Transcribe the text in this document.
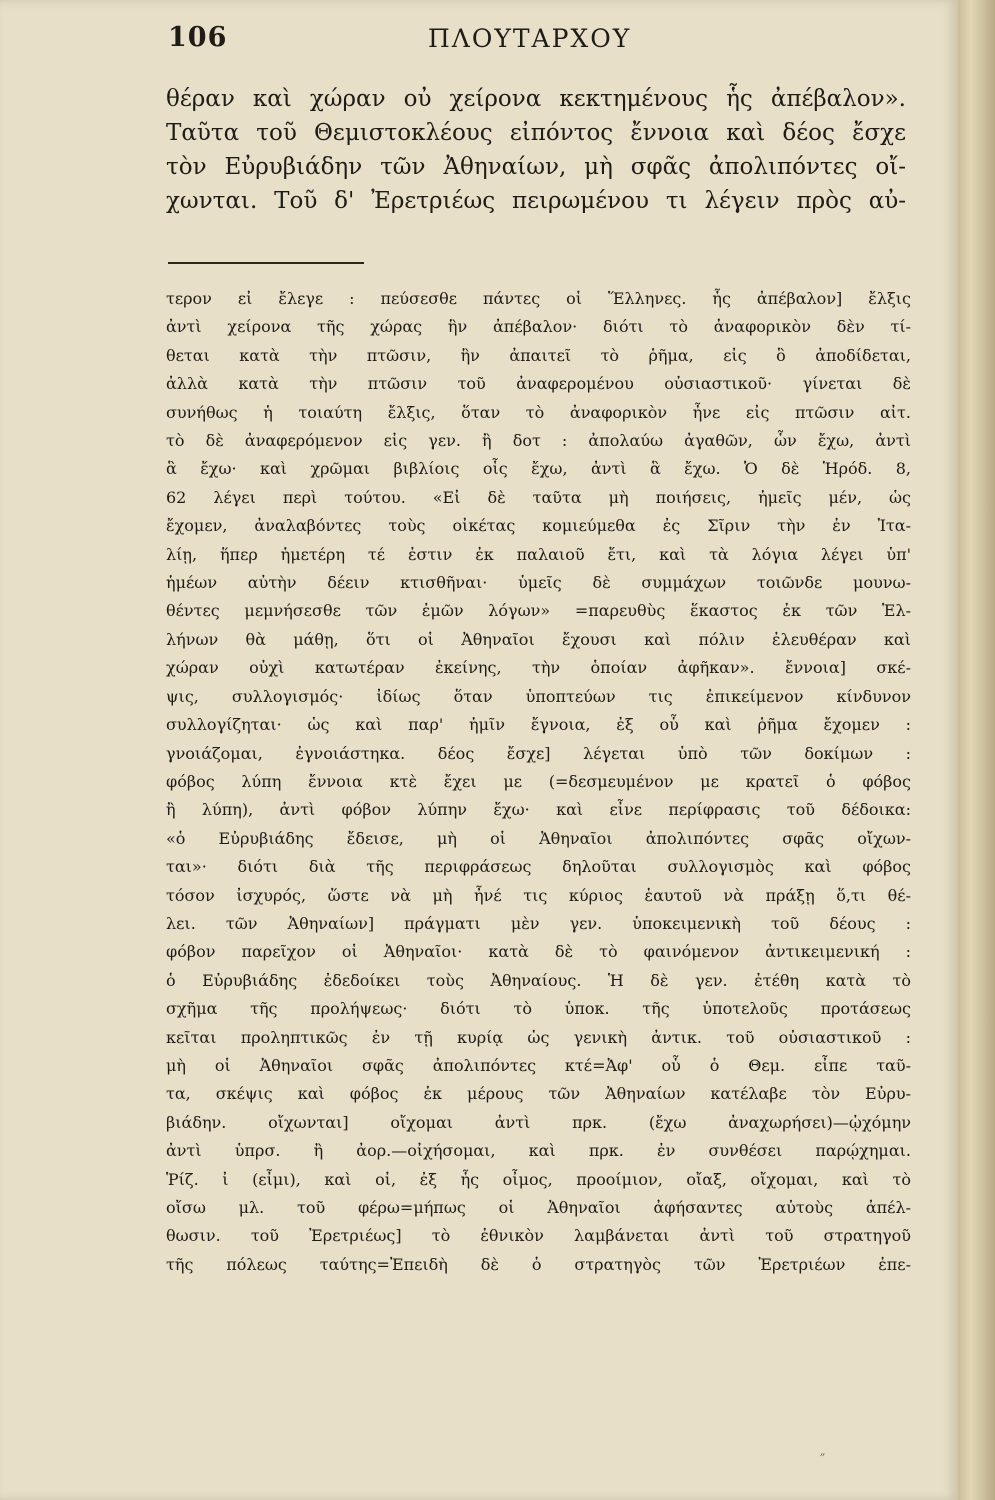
106	ΠΛΟΥΤΑΡΧΟΥ
θέραν καὶ χώραν οὐ χείρονα κεκτημένους ἧς ἀπέβαλον».
Ταῦτα τοῦ Θεμιστοκλέους εἰπόντος ἔννοια καὶ δέος ἔσχε
τὸν Εὐρυβιάδην τῶν Ἀθηναίων, μὴ σφᾶς ἀπολιπόντες οἴ-
χωνται. Τοῦ δ' Ἐρετριέως πειρωμένου τι λέγειν πρὸς αὐ-
τερον εἰ ἔλεγε : πεύσεσθε πάντες οἱ Ἕλληνες. ἧς ἀπέβαλον] ἔλξις
ἀντὶ χείρονα τῆς χώρας ἣν ἀπέβαλον· διότι τὸ ἀναφορικὸν δὲν τί-
θεται κατὰ τὴν πτῶσιν, ἣν ἀπαιτεῖ τὸ ῥῆμα, εἰς ὃ ἀποδίδεται,
ἀλλὰ κατὰ τὴν πτῶσιν τοῦ ἀναφερομένου οὐσιαστικοῦ· γίνεται δὲ
συνήθως ἡ τοιαύτη ἔλξις, ὅταν τὸ ἀναφορικὸν ἦνε εἰς πτῶσιν αἰτ.
τὸ δὲ ἀναφερόμενον εἰς γεν. ἢ δοτ : ἀπολαύω ἀγαθῶν, ὧν ἔχω, ἀντὶ
ἃ ἔχω· καὶ χρῶμαι βιβλίοις οἷς ἔχω, ἀντὶ ἃ ἔχω. Ὁ δὲ Ἡρόδ. 8,
62 λέγει περὶ τούτου. «Εἰ δὲ ταῦτα μὴ ποιήσεις, ἡμεῖς μέν, ὡς
ἔχομεν, ἀναλαβόντες τοὺς οἰκέτας κομιεύμεθα ἐς Σῖριν τὴν ἐν Ἰτα-
λίῃ, ἥπερ ἡμετέρη τέ ἐστιν ἐκ παλαιοῦ ἔτι, καὶ τὰ λόγια λέγει ὑπ'
ἡμέων αὐτὴν δέειν κτισθῆναι· ὑμεῖς δὲ συμμάχων τοιῶνδε μουνω-
θέντες μεμνήσεσθε τῶν ἐμῶν λόγων» =παρευθὺς ἕκαστος ἐκ τῶν Ἑλ-
λήνων θὰ μάθῃ, ὅτι οἱ Ἀθηναῖοι ἔχουσι καὶ πόλιν ἐλευθέραν καὶ
χώραν οὐχὶ κατωτέραν ἐκείνης, τὴν ὁποίαν ἀφῆκαν». ἔννοια] σκέ-
ψις, συλλογισμός· ἰδίως ὅταν ὑποπτεύων τις ἐπικείμενον κίνδυνον
συλλογίζηται· ὡς καὶ παρ' ἡμῖν ἔγνοια, ἐξ οὗ καὶ ῥῆμα ἔχομεν :
γνοιάζομαι, ἐγνοιάστηκα. δέος ἔσχε] λέγεται ὑπὸ τῶν δοκίμων :
φόβος λύπη ἔννοια κτὲ ἔχει με (=δεσμευμένον με κρατεῖ ὁ φόβος
ἢ λύπη), ἀντὶ φόβον λύπην ἔχω· καὶ εἶνε περίφρασις τοῦ δέδοικα:
«ὁ Εὐρυβιάδης ἔδεισε, μὴ οἱ Ἀθηναῖοι ἀπολιπόντες σφᾶς οἴχων-
ται»· διότι διὰ τῆς περιφράσεως δηλοῦται συλλογισμὸς καὶ φόβος
τόσον ἰσχυρός, ὥστε νὰ μὴ ἦνέ τις κύριος ἑαυτοῦ νὰ πράξῃ ὅ,τι θέ-
λει. τῶν Ἀθηναίων] πράγματι μὲν γεν. ὑποκειμενικὴ τοῦ δέους :
φόβον παρεῖχον οἱ Ἀθηναῖοι· κατὰ δὲ τὸ φαινόμενον ἀντικειμενική :
ὁ Εὐρυβιάδης ἐδεδοίκει τοὺς Ἀθηναίους. Ἡ δὲ γεν. ἐτέθη κατὰ τὸ
σχῆμα τῆς προλήψεως· διότι τὸ ὑποκ. τῆς ὑποτελοῦς προτάσεως
κεῖται προληπτικῶς ἐν τῇ κυρίᾳ ὡς γενικὴ ἀντικ. τοῦ οὐσιαστικοῦ :
μὴ οἱ Ἀθηναῖοι σφᾶς ἀπολιπόντες κτέ=Ἀφ' οὗ ὁ Θεμ. εἶπε ταῦ-
τα, σκέψις καὶ φόβος ἐκ μέρους τῶν Ἀθηναίων κατέλαβε τὸν Εὐρυ-
βιάδην. οἴχωνται] οἴχομαι ἀντὶ πρκ. (ἔχω ἀναχωρήσει)—ᾠχόμην
ἀντὶ ὑπρσ. ἢ ἀορ.—οἰχήσομαι, καὶ πρκ. ἐν συνθέσει παρῴχημαι.
Ῥίζ. ἰ (εἶμι), καὶ οἰ, ἐξ ἧς οἶμος, προοίμιον, οἴαξ, οἴχομαι, καὶ τὸ
οἴσω μλ. τοῦ φέρω=μήπως οἱ Ἀθηναῖοι ἀφήσαντες αὐτοὺς ἀπέλ-
θωσιν. τοῦ Ἐρετριέως] τὸ ἐθνικὸν λαμβάνεται ἀντὶ τοῦ στρατηγοῦ
τῆς πόλεως ταύτης=Ἐπειδὴ δὲ ὁ στρατηγὸς τῶν Ἐρετριέων ἐπε-
″
